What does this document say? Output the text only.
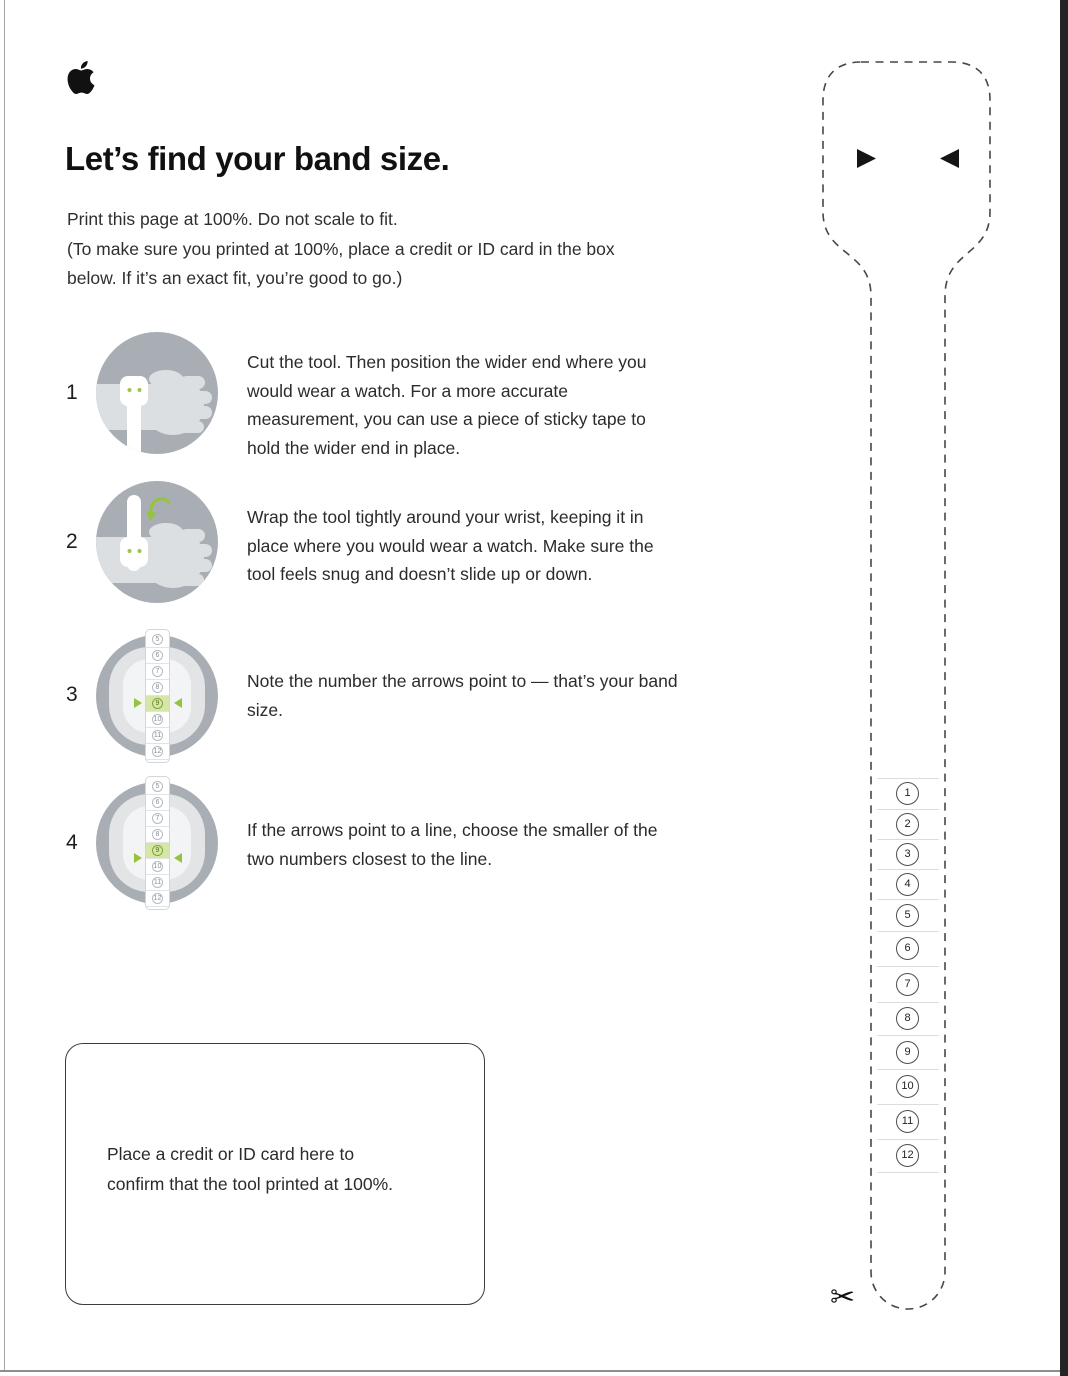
Let’s find your band size.
Print this page at 100%. Do not scale to fit.
(To make sure you printed at 100%, place a credit or ID card in the box
below. If it’s an exact fit, you’re good to go.)
1
Cut the tool. Then position the wider end where you would wear a watch. For a more accurate measurement, you can use a piece of sticky tape to hold the wider end in place.
2
Wrap the tool tightly around your wrist, keeping it in place where you would wear a watch. Make sure the tool feels snug and doesn’t slide up or down.
3
5
6
7
8
9
10
11
12
Note the number the arrows point to — that’s your band size.
4
5
6
7
8
9
10
11
12
If the arrows point to a line, choose the smaller of the two numbers closest to the line.
Place a credit or ID card here to
confirm that the tool printed at 100%.
1
2
3
4
5
6
7
8
9
10
11
12
✂
